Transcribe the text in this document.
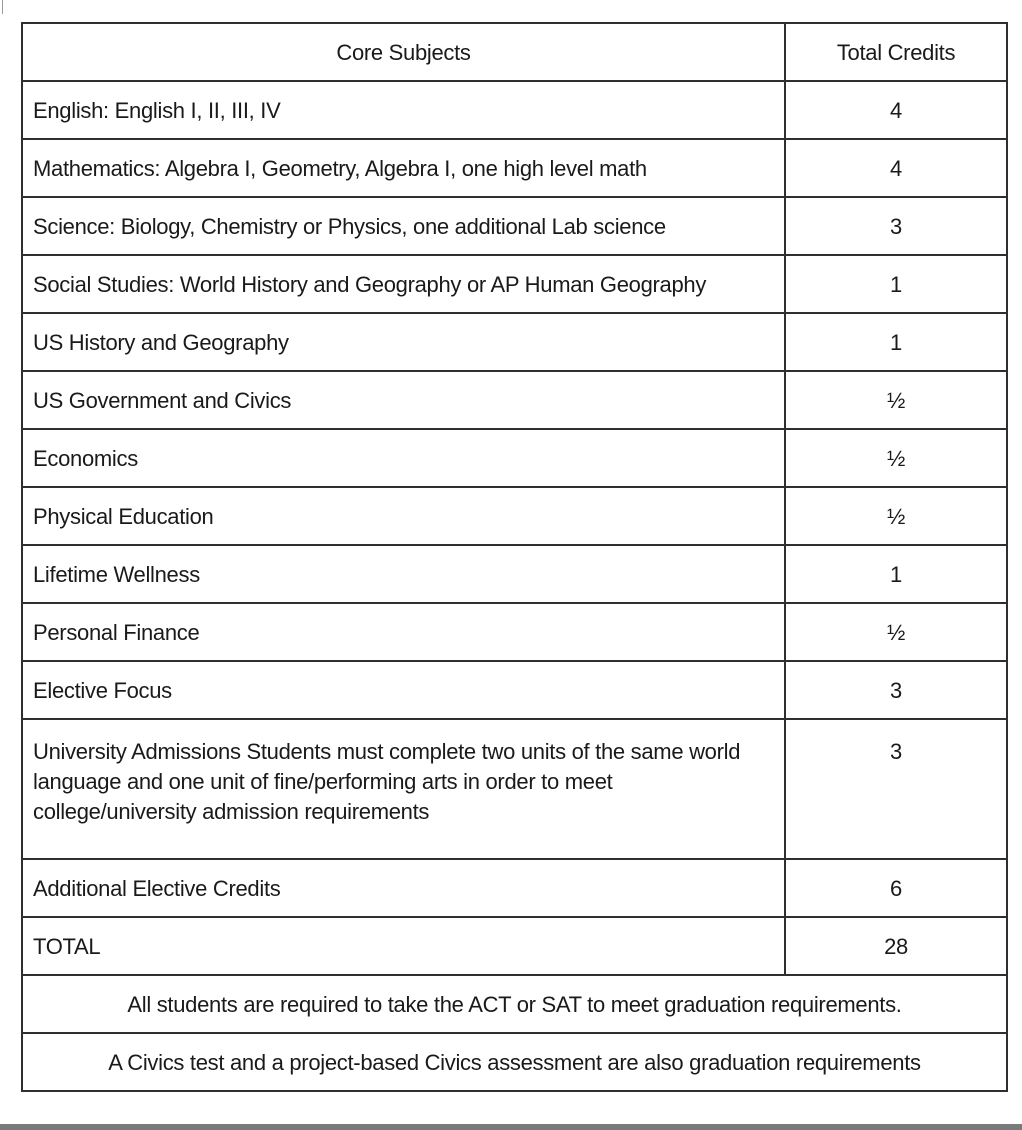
Core Subjects	Total Credits
English: English I, II, III, IV	4
Mathematics: Algebra I, Geometry, Algebra I, one high level math	4
Science: Biology, Chemistry or Physics, one additional Lab science	3
Social Studies: World History and Geography or AP Human Geography	1
US History and Geography	1
US Government and Civics	½
Economics	½
Physical Education	½
Lifetime Wellness	1
Personal Finance	½
Elective Focus	3
University Admissions Students must complete two units of the same world language and one unit of fine/performing arts in order to meet college/university admission requirements	3
Additional Elective Credits	6
TOTAL	28
All students are required to take the ACT or SAT to meet graduation requirements.	
A Civics test and a project-based Civics assessment are also graduation requirements	
